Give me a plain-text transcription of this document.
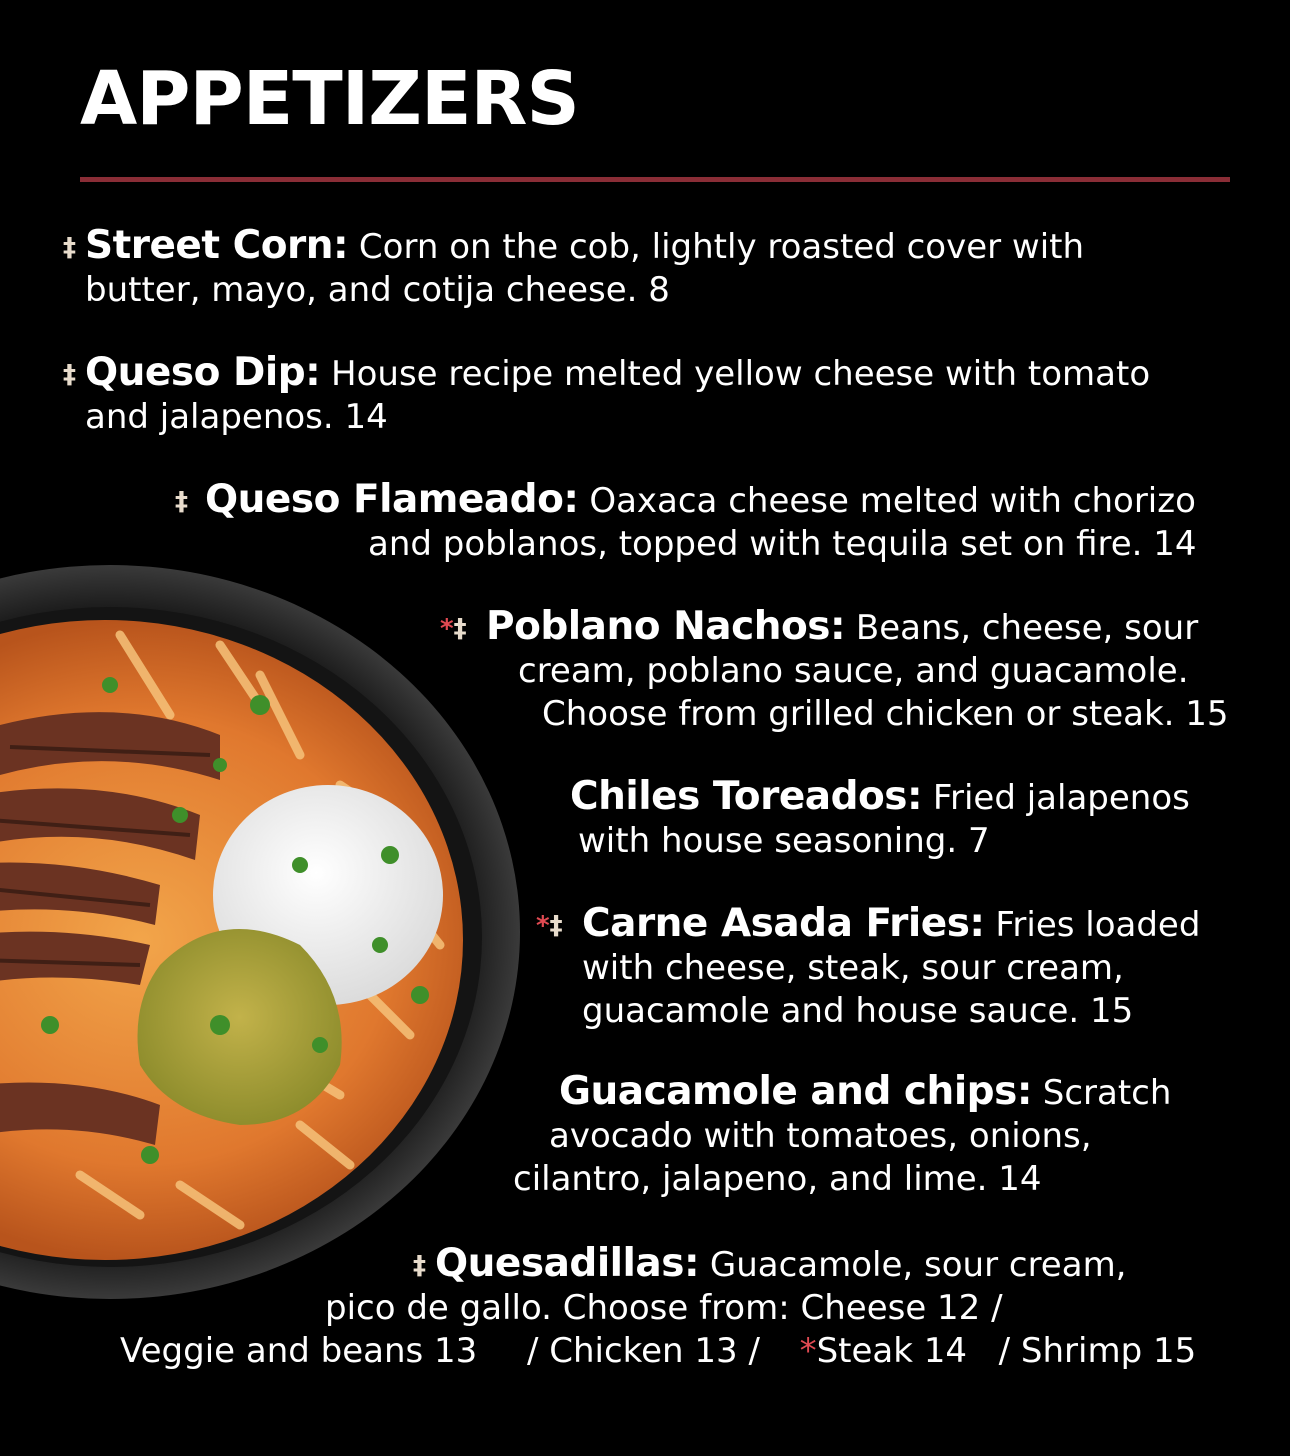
APPETIZERS
‡ Street Corn: Corn on the cob, lightly roasted cover with
butter, mayo, and cotija cheese. 8
‡ Queso Dip: House recipe melted yellow cheese with tomato
and jalapenos. 14
‡ Queso Flameado: Oaxaca cheese melted with chorizo
and poblanos, topped with tequila set on fire. 14
*‡ Poblano Nachos: Beans, cheese, sour
cream, poblano sauce, and guacamole.
Choose from grilled chicken or steak. 15
Chiles Toreados: Fried jalapenos
with house seasoning. 7
*‡ Carne Asada Fries: Fries loaded
with cheese, steak, sour cream,
guacamole and house sauce. 15
Guacamole and chips: Scratch
avocado with tomatoes, onions,
cilantro, jalapeno, and lime. 14
‡ Quesadillas: Guacamole, sour cream,
pico de gallo. Choose from: Cheese 12 /
Veggie and beans 13 / Chicken 13 / *Steak 14 / Shrimp 15
